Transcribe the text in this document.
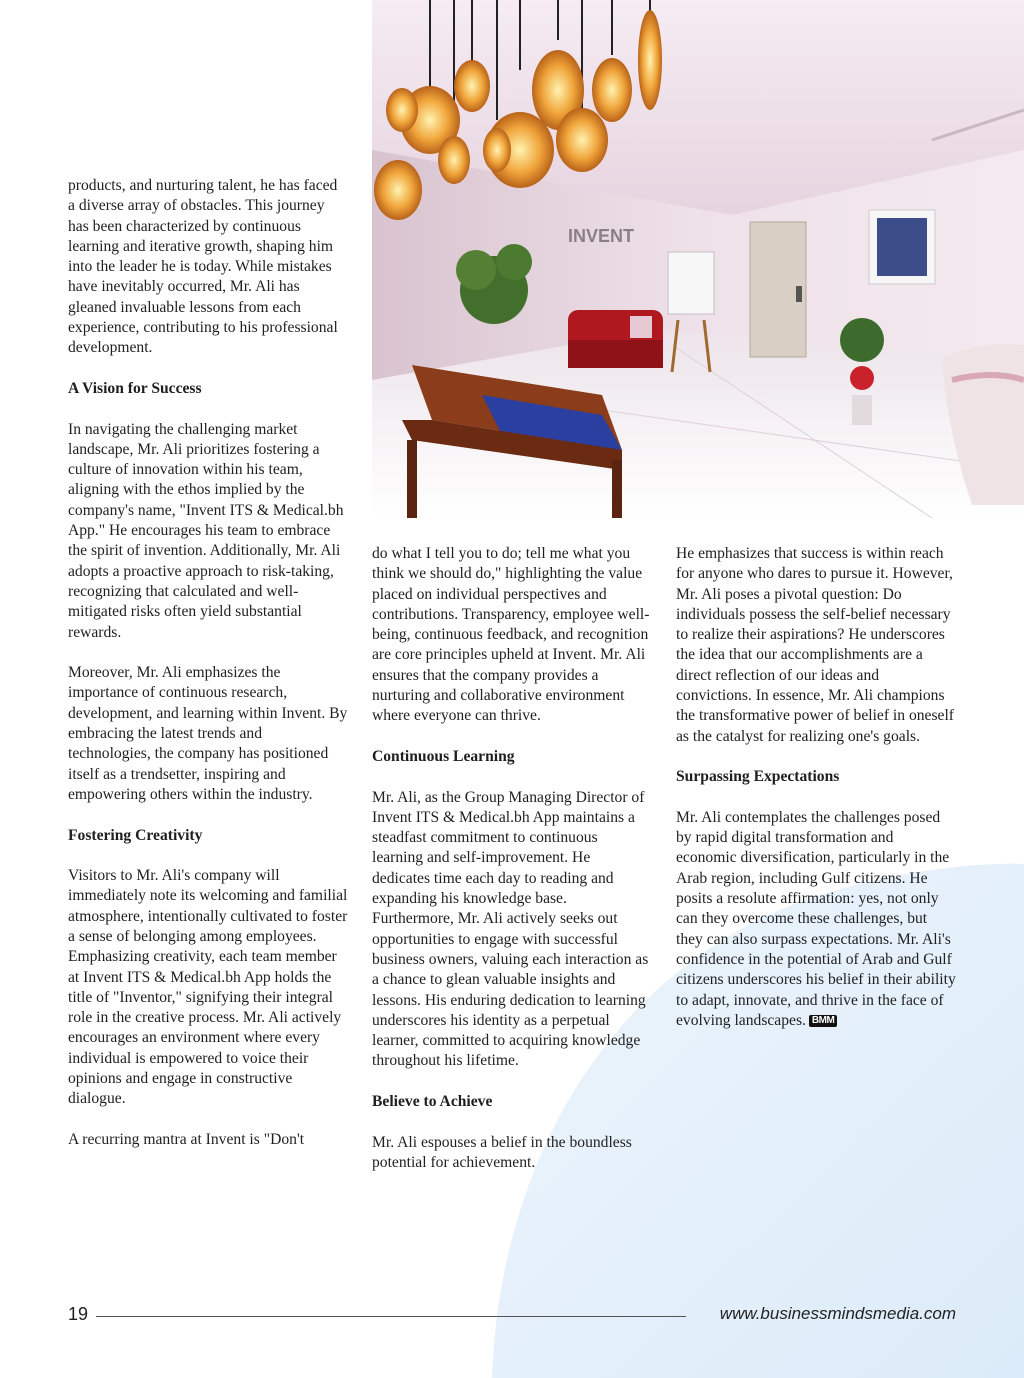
INVENT

products, and nurturing talent, he has faced a diverse array of obstacles. This journey has been characterized by continuous learning and iterative growth, shaping him into the leader he is today. While mistakes have inevitably occurred, Mr. Ali has gleaned invaluable lessons from each experience, contributing to his professional development.

A Vision for Success

In navigating the challenging market landscape, Mr. Ali prioritizes fostering a culture of innovation within his team, aligning with the ethos implied by the company's name, "Invent ITS & Medical.bh App." He encourages his team to embrace the spirit of invention. Additionally, Mr. Ali adopts a proactive approach to risk-taking, recognizing that calculated and well-mitigated risks often yield substantial rewards.

Moreover, Mr. Ali emphasizes the importance of continuous research, development, and learning within Invent. By embracing the latest trends and technologies, the company has positioned itself as a trendsetter, inspiring and empowering others within the industry.

Fostering Creativity

Visitors to Mr. Ali's company will immediately note its welcoming and familial atmosphere, intentionally cultivated to foster a sense of belonging among employees. Emphasizing creativity, each team member at Invent ITS & Medical.bh App holds the title of "Inventor," signifying their integral role in the creative process. Mr. Ali actively encourages an environment where every individual is empowered to voice their opinions and engage in constructive dialogue.

A recurring mantra at Invent is "Don't

do what I tell you to do; tell me what you think we should do," highlighting the value placed on individual perspectives and contributions. Transparency, employee well-being, continuous feedback, and recognition are core principles upheld at Invent. Mr. Ali ensures that the company provides a nurturing and collaborative environment where everyone can thrive.

Continuous Learning

Mr. Ali, as the Group Managing Director of Invent ITS & Medical.bh App maintains a steadfast commitment to continuous learning and self-improvement. He dedicates time each day to reading and expanding his knowledge base. Furthermore, Mr. Ali actively seeks out opportunities to engage with successful business owners, valuing each interaction as a chance to glean valuable insights and lessons. His enduring dedication to learning underscores his identity as a perpetual learner, committed to acquiring knowledge throughout his lifetime.

Believe to Achieve

Mr. Ali espouses a belief in the boundless potential for achievement.

He emphasizes that success is within reach for anyone who dares to pursue it. However, Mr. Ali poses a pivotal question: Do individuals possess the self-belief necessary to realize their aspirations? He underscores the idea that our accomplishments are a direct reflection of our ideas and convictions. In essence, Mr. Ali champions the transformative power of belief in oneself as the catalyst for realizing one's goals.

Surpassing Expectations

Mr. Ali contemplates the challenges posed by rapid digital transformation and economic diversification, particularly in the Arab region, including Gulf citizens. He posits a resolute affirmation: yes, not only can they overcome these challenges, but they can also surpass expectations. Mr. Ali's confidence in the potential of Arab and Gulf citizens underscores his belief in their ability to adapt, innovate, and thrive in the face of evolving landscapes. BMM

19	www.businessmindsmedia.com
